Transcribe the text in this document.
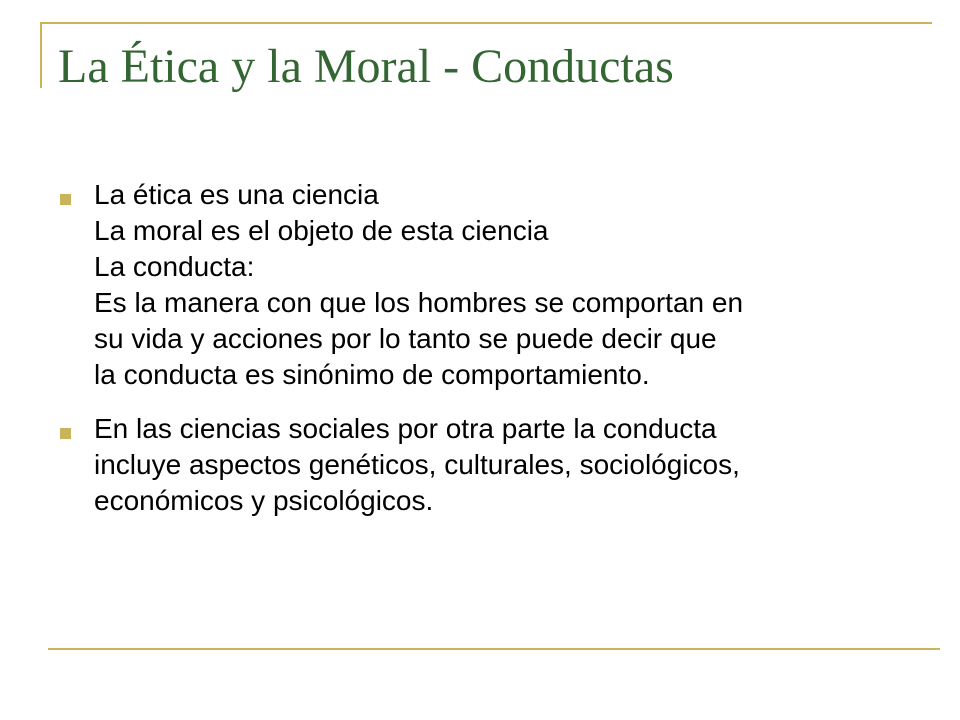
La Ética y la Moral - Conductas
La ética es una ciencia
La moral es el objeto de esta ciencia
La conducta:
Es la manera con que los hombres se comportan en
su vida y acciones por lo tanto se puede decir que
la conducta es sinónimo de comportamiento.
En las ciencias sociales por otra parte la conducta
incluye aspectos genéticos, culturales, sociológicos,
económicos y psicológicos.
